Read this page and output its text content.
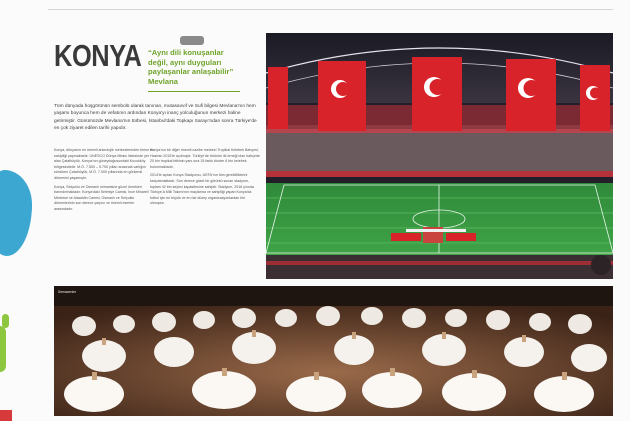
KONYA “Aynı dili konuşanlar
değil, aynı duyguları
paylaşanlar anlaşabilir”
Mevlana

Tüm dünyada hoşgörünün sembolü olarak tanınan, mutasavvıf ve Sufi bilgesi Mevlana'nın hem yaşamı boyunca hem de vefatının ardından Konya'yı inanç yolculuğunun merkezi haline getirmiştir. Günümüzde Mevlana'nın türbesi, İstanbul'daki Topkapı Sarayı'ndan sonra Türkiye'de en çok ziyaret edilen tarihi yapıdır.

Konya, dünyanın en önemli arkeolojik merkezlerinden birine ev sahipliği yapmaktadır. UNESCO Dünya Mirası listesinde yer alan Çatalhöyük, Konya'nın güneydoğusundaki Kucukköy bölgesindedir. M.Ö. 7.500 – 5.700 yılları arasında varlığını sürdüren Çatalhöyük, M.Ö. 7.000 yıllarında en görkemli dönemini yaşamıştır.

Konya, Selçuklu ve Osmanlı mimarisine güzel örnekleri barındırmaktadır. Konya'daki Selimiye Camisi, İnce Minareli Medrese ve Alaaddin Camisi, Osmanlı ve Selçuklu dönemlerinin son derece çarpıcı ve önemli eserleri arasındadır.

Konya'nın bir diğer önemli cazibe merkezi Tropikal Kelebek Bahçesi, Haziran 2015'te açılmıştır. Türkiye'de türünün ilk örneği olan bahçede 20 bin tropikal bitkinin yanı sıra 15 farklı türden 6 bin kelebek bulunmaktadır.

2014'te açılan Konya Stadyumu, UEFA'nın tüm gerekliliklerini karşılamaktadır. Son derece güzel bir görüntü sunan stadyum, toplam 42 bin seyirci kapasitesine sahiptir. Stadyum, 2016 yılında Türkiye A Milli Takımı'nın maçlarına ve sahipliği yapan Konya'da futbol için en büyük ve en üst düzey organizasyonlardan biri olmuştur.

Semazenler
